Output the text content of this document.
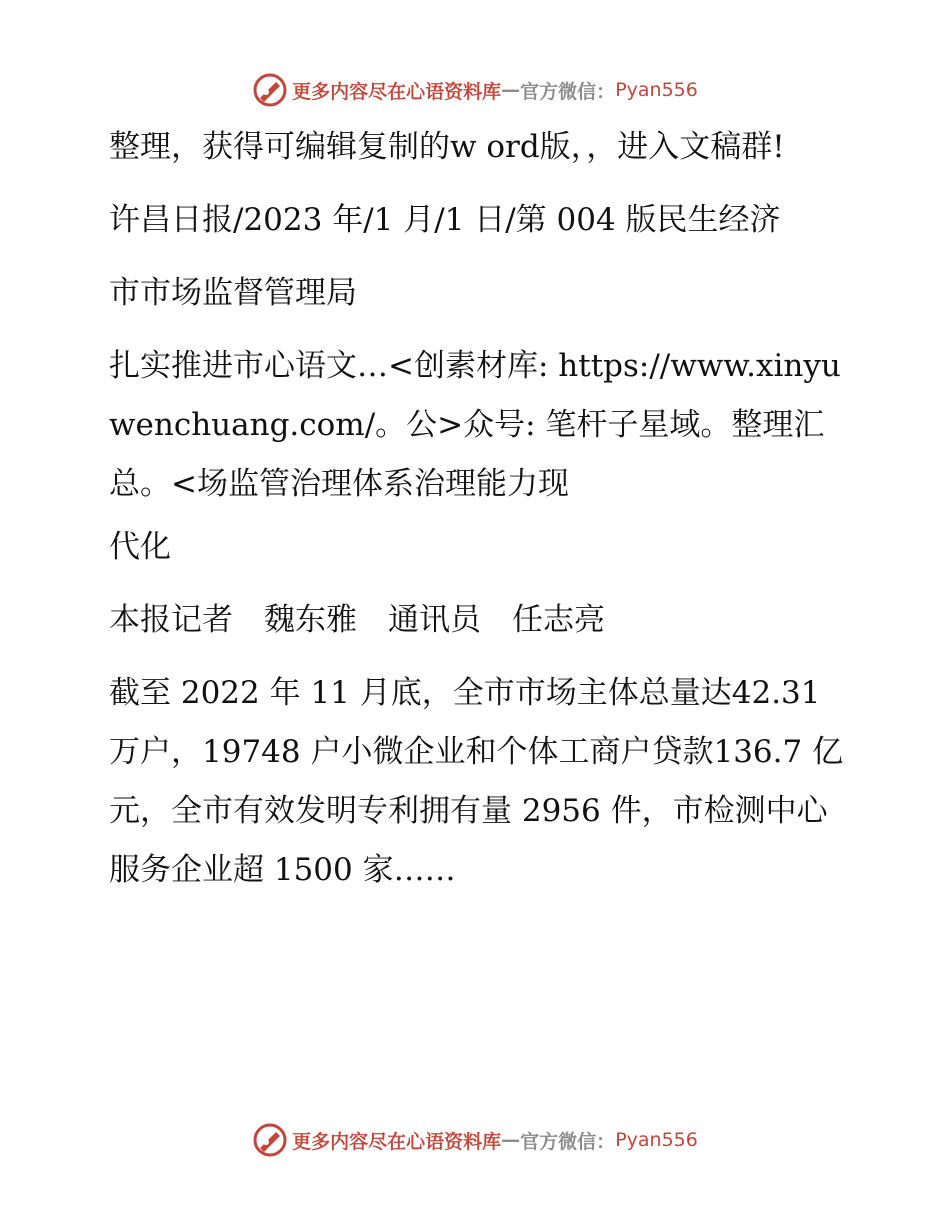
更多内容尽在心语资料库 — 官方微信： Pyan556

整理，获得可编辑复制的w ord版，，进入文稿群!

许昌日报/2023 年/1 月/1 日/第 004 版民生经济

市市场监督管理局

扎实推进市心语文…<创素材库: https://www.xinyuwenchuang.com/。公>众号: 笔杆子星域。整理汇总。<场监管治理体系治理能力现

代化

本报记者　魏东雅　通讯员　任志亮

截至 2022 年 11 月底，全市市场主体总量达42.31 万户，19748 户小微企业和个体工商户贷款136.7 亿元，全市有效发明专利拥有量 2956 件，市检测中心服务企业超 1500 家……

更多内容尽在心语资料库 — 官方微信： Pyan556
